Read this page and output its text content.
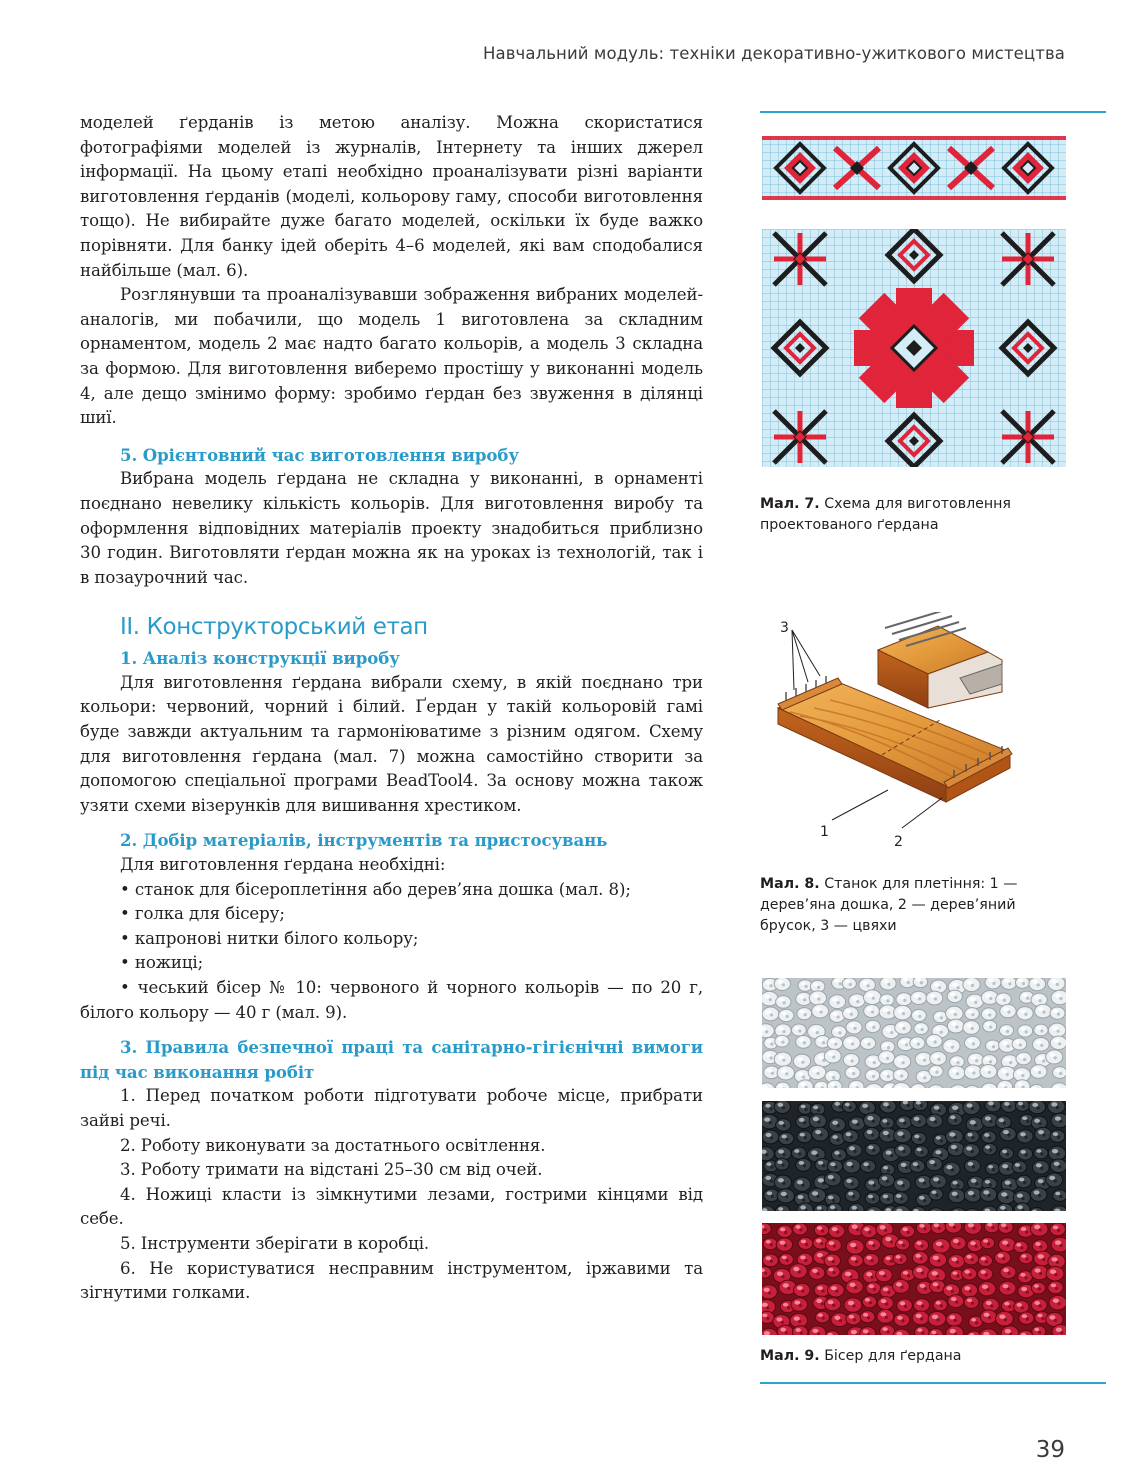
Навчальний модуль: техніки декоративно-ужиткового мистецтва

моделей ґерданів із метою аналізу. Можна скористатися фотографіями моделей із журналів, Інтернету та інших джерел інформації. На цьому етапі необхідно проаналізувати різні варіанти виготовлення ґерданів (моделі, кольорову гаму, способи виготовлення тощо). Не вибирайте дуже багато моделей, оскільки їх буде важко порівняти. Для банку ідей оберіть 4–6 моделей, які вам сподобалися найбільше (мал. 6).

Розглянувши та проаналізувавши зображення вибраних моделей-аналогів, ми побачили, що модель 1 виготовлена за складним орнаментом, модель 2 має надто багато кольорів, а модель 3 складна за формою. Для виготовлення виберемо простішу у виконанні модель 4, але дещо змінимо форму: зробимо ґердан без звуження в ділянці шиї.

5. Орієнтовний час виготовлення виробу

Вибрана модель ґердана не складна у виконанні, в орнаменті поєднано невелику кількість кольорів. Для виготовлення виробу та оформлення відповідних матеріалів проекту знадобиться приблизно 30 годин. Виготовляти ґердан можна як на уроках із технологій, так і в позаурочний час.

ІІ. Конструкторський етап

1. Аналіз конструкції виробу

Для виготовлення ґердана вибрали схему, в якій поєднано три кольори: червоний, чорний і білий. Ґердан у такій кольоровій гамі буде завжди актуальним та гармоніюватиме з різним одягом. Схему для виготовлення ґердана (мал. 7) можна самостійно створити за допомогою спеціальної програми BeadTool4. За основу можна також узяти схеми візерунків для вишивання хрестиком.

2. Добір матеріалів, інструментів та пристосувань

Для виготовлення ґердана необхідні:

• станок для бісероплетіння або дерев’яна дошка (мал. 8);

• голка для бісеру;

• капронові нитки білого кольору;

• ножиці;

• чеський бісер № 10: червоного й чорного кольорів — по 20 г, білого кольору — 40 г (мал. 9).

3. Правила безпечної праці та санітарно-гігієнічні вимоги під час виконання робіт

1. Перед початком роботи підготувати робоче місце, прибрати зайві речі.

2. Роботу виконувати за достатнього освітлення.

3. Роботу тримати на відстані 25–30 см від очей.

4. Ножиці класти із зімкнутими лезами, гострими кінцями від себе.

5. Інструменти зберігати в коробці.

6. Не користуватися несправним інструментом, іржавими та зігнутими голками.

Мал. 7. Схема для виготовлення проектованого ґердана
3
1
2
Мал. 8. Станок для плетіння: 1 — дерев’яна дошка, 2 — дерев’яний брусок, 3 — цвяхи
Мал. 9. Бісер для ґердана
39
